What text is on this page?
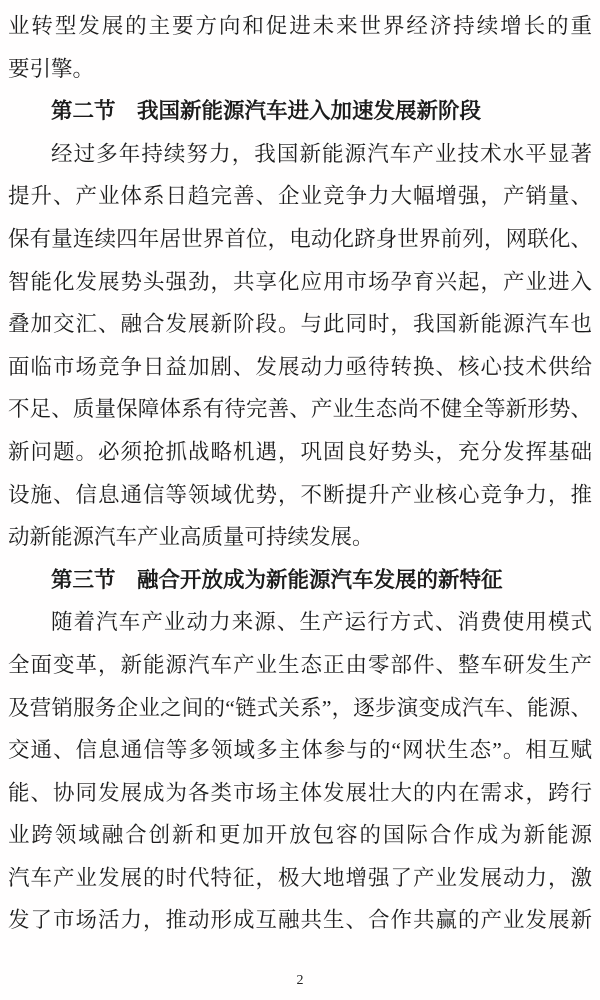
业转型发展的主要方向和促进未来世界经济持续增长的重
要引擎。
第二节　我国新能源汽车进入加速发展新阶段
经过多年持续努力，我国新能源汽车产业技术水平显著
提升、产业体系日趋完善、企业竞争力大幅增强，产销量、
保有量连续四年居世界首位，电动化跻身世界前列，网联化、
智能化发展势头强劲，共享化应用市场孕育兴起，产业进入
叠加交汇、融合发展新阶段。与此同时，我国新能源汽车也
面临市场竞争日益加剧、发展动力亟待转换、核心技术供给
不足、质量保障体系有待完善、产业生态尚不健全等新形势、
新问题。必须抢抓战略机遇，巩固良好势头，充分发挥基础
设施、信息通信等领域优势，不断提升产业核心竞争力，推
动新能源汽车产业高质量可持续发展。
第三节　融合开放成为新能源汽车发展的新特征
随着汽车产业动力来源、生产运行方式、消费使用模式
全面变革，新能源汽车产业生态正由零部件、整车研发生产
及营销服务企业之间的“链式关系”，逐步演变成汽车、能源、
交通、信息通信等多领域多主体参与的“网状生态”。相互赋
能、协同发展成为各类市场主体发展壮大的内在需求，跨行
业跨领域融合创新和更加开放包容的国际合作成为新能源
汽车产业发展的时代特征，极大地增强了产业发展动力，激
发了市场活力，推动形成互融共生、合作共赢的产业发展新
2
